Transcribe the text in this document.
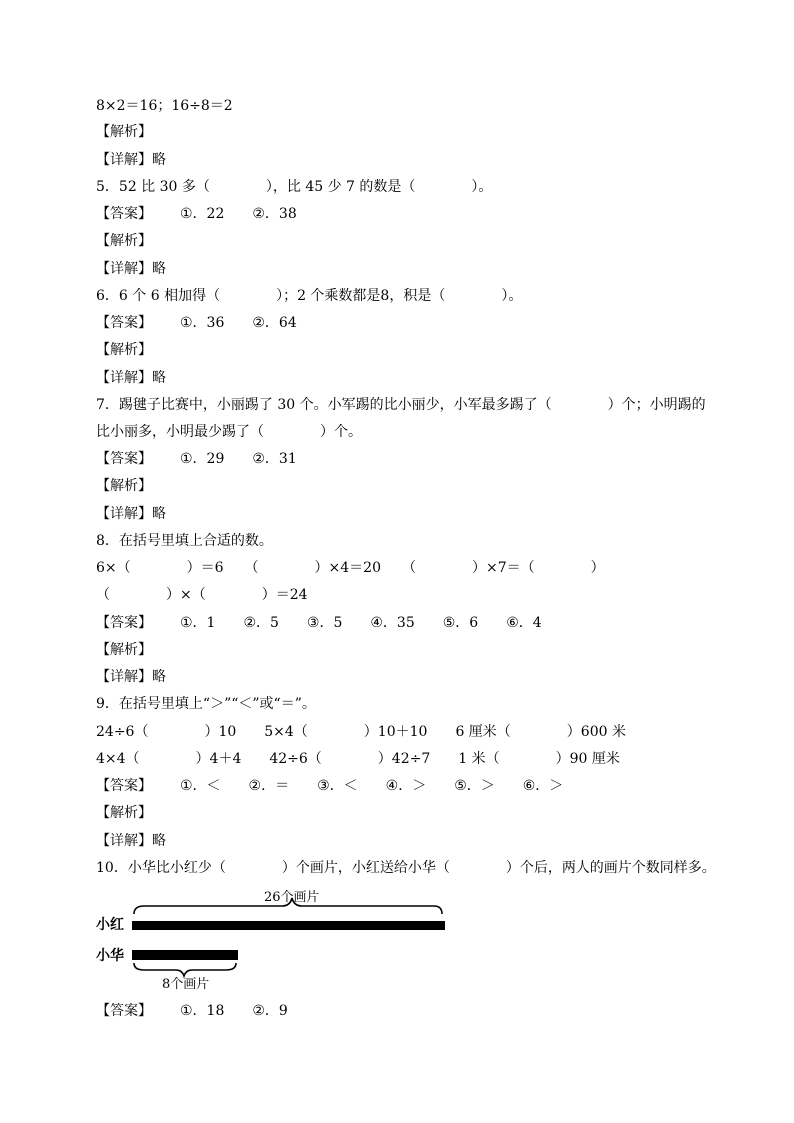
8×2＝16；16÷8＝2
【解析】
【详解】略
5．52 比 30 多（　　　　），比 45 少 7 的数是（　　　　）。
【答案】 ①．22　　②．38
【解析】
【详解】略
6．6 个 6 相加得（　　　　）；2 个乘数都是8，积是（　　　　）。
【答案】 ①．36　　②．64
【解析】
【详解】略
7．踢毽子比赛中，小丽踢了 30 个。小军踢的比小丽少，小军最多踢了（　　　　）个；小明踢的
比小丽多，小明最少踢了（　　　　）个。
【答案】 ①．29　　②．31
【解析】
【详解】略
8．在括号里填上合适的数。
6×（　　　　）＝6　　（　　　　）×4＝20　　（　　　　）×7＝（　　　　）
（　　　　）×（　　　　）＝24
【答案】 ①．1　　②．5　　③．5　　④．35　　⑤．6　　⑥．4
【解析】
【详解】略
9．在括号里填上“＞”“＜”或“＝”。
24÷6（　　　　）10　　5×4（　　　　）10＋10　　6 厘米（　　　　）600 米
4×4（　　　　）4＋4　　42÷6（　　　　）42÷7　　1 米（　　　　）90 厘米
【答案】 ①．＜　　②．＝　　③．＜　　④．＞　　⑤．＞　　⑥．＞
【解析】
【详解】略
10．小华比小红少（　　　　）个画片，小红送给小华（　　　　）个后，两人的画片个数同样多。
26个画片
小红
小华
8个画片
【答案】 ①．18　　②．9
